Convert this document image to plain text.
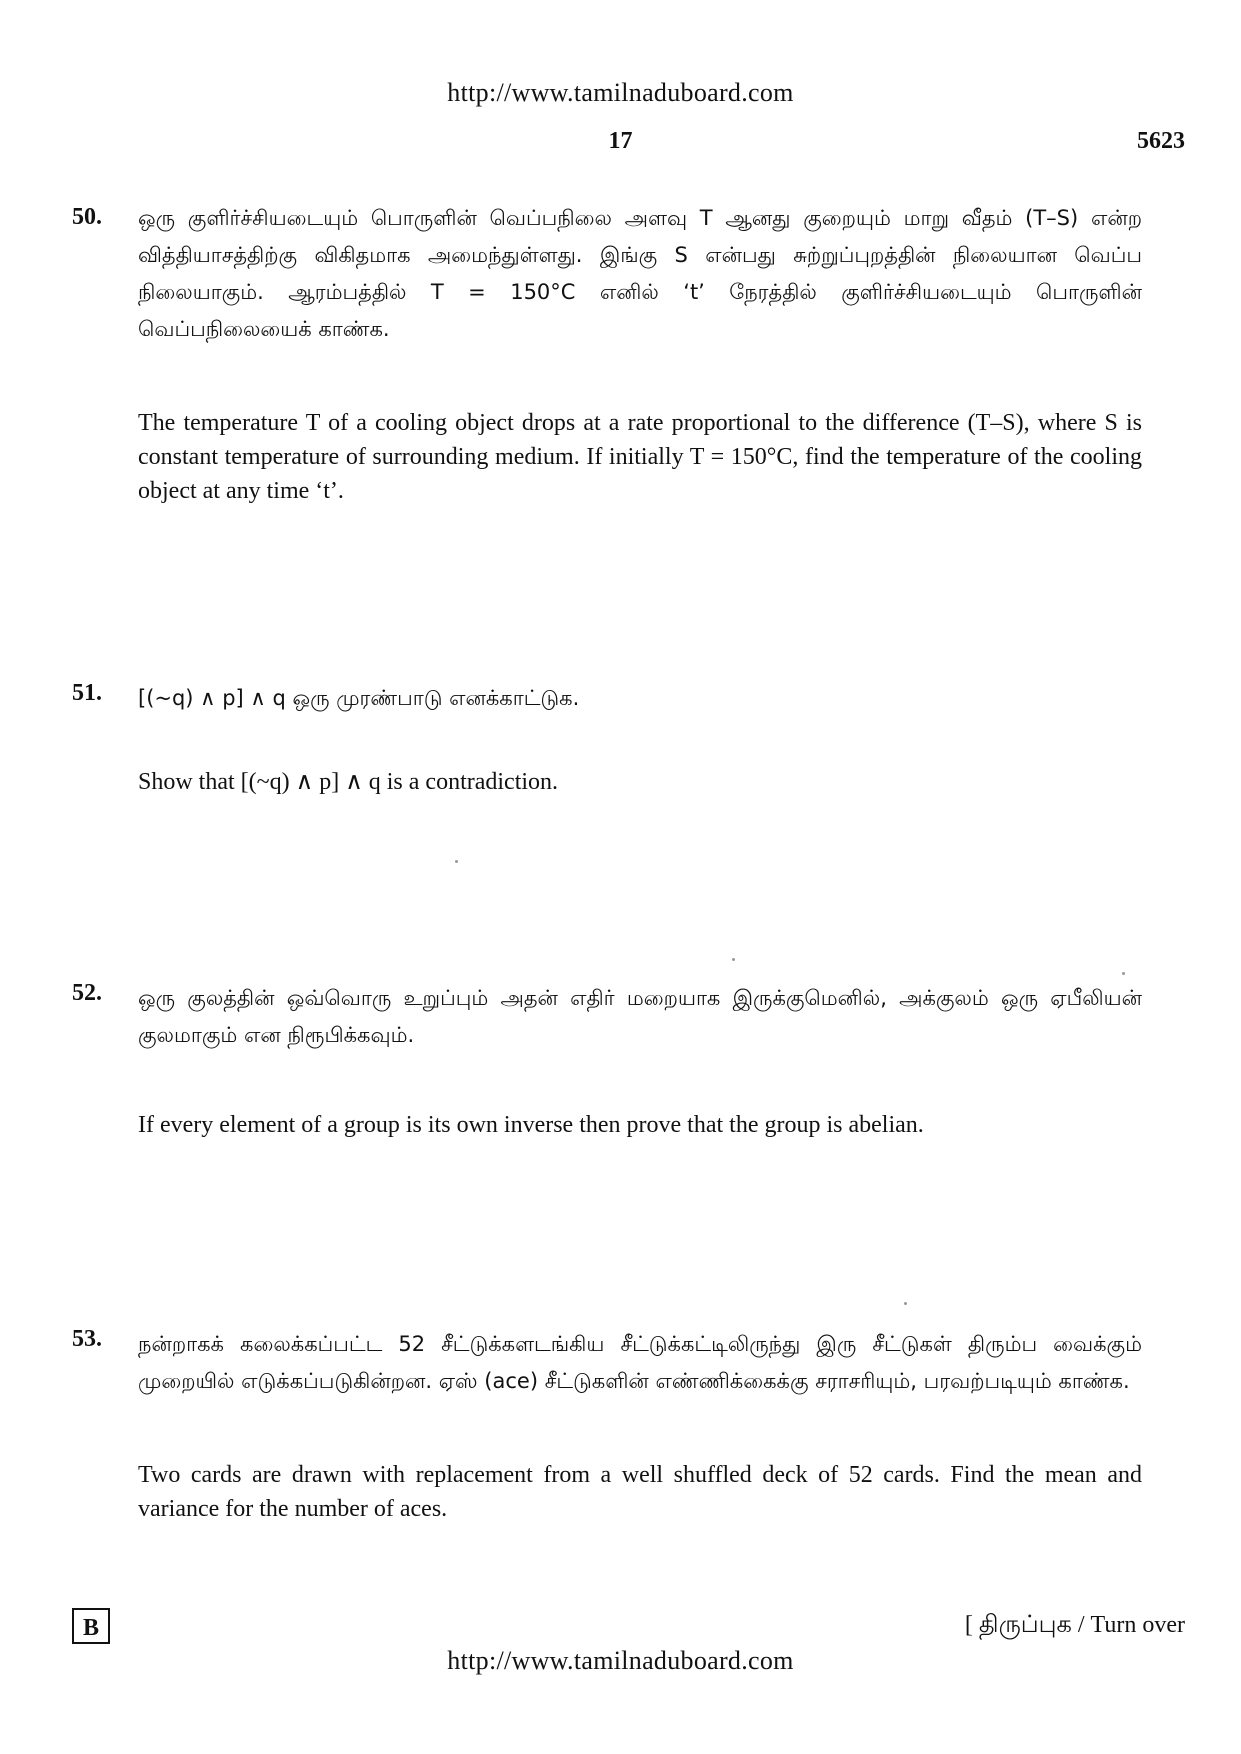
http://www.tamilnaduboard.com
17	5623
50.	ஒரு குளிர்ச்சியடையும் பொருளின் வெப்பநிலை அளவு T ஆனது குறையும் மாறு வீதம் (T–S) என்ற வித்தியாசத்திற்கு விகிதமாக அமைந்துள்ளது. இங்கு S என்பது சுற்றுப்புறத்தின் நிலையான வெப்ப நிலையாகும். ஆரம்பத்தில் T = 150°C எனில் ‘t’ நேரத்தில் குளிர்ச்சியடையும் பொருளின் வெப்பநிலையைக் காண்க.

The temperature T of a cooling object drops at a rate proportional to the difference (T–S), where S is constant temperature of surrounding medium. If initially T = 150°C, find the temperature of the cooling object at any time ‘t’.

51.	[(~q) ∧ p] ∧ q ஒரு முரண்பாடு எனக்காட்டுக.

Show that [(~q) ∧ p] ∧ q is a contradiction.

52.	ஒரு குலத்தின் ஒவ்வொரு உறுப்பும் அதன் எதிர் மறையாக இருக்குமெனில், அக்குலம் ஒரு ஏபீலியன் குலமாகும் என நிரூபிக்கவும்.

If every element of a group is its own inverse then prove that the group is abelian.

53.	நன்றாகக் கலைக்கப்பட்ட 52 சீட்டுக்களடங்கிய சீட்டுக்கட்டிலிருந்து இரு சீட்டுகள் திரும்ப வைக்கும் முறையில் எடுக்கப்படுகின்றன. ஏஸ் (ace) சீட்டுகளின் எண்ணிக்கைக்கு சராசரியும், பரவற்படியும் காண்க.

Two cards are drawn with replacement from a well shuffled deck of 52 cards. Find the mean and variance for the number of aces.

B	[ திருப்புக / Turn over
http://www.tamilnaduboard.com
